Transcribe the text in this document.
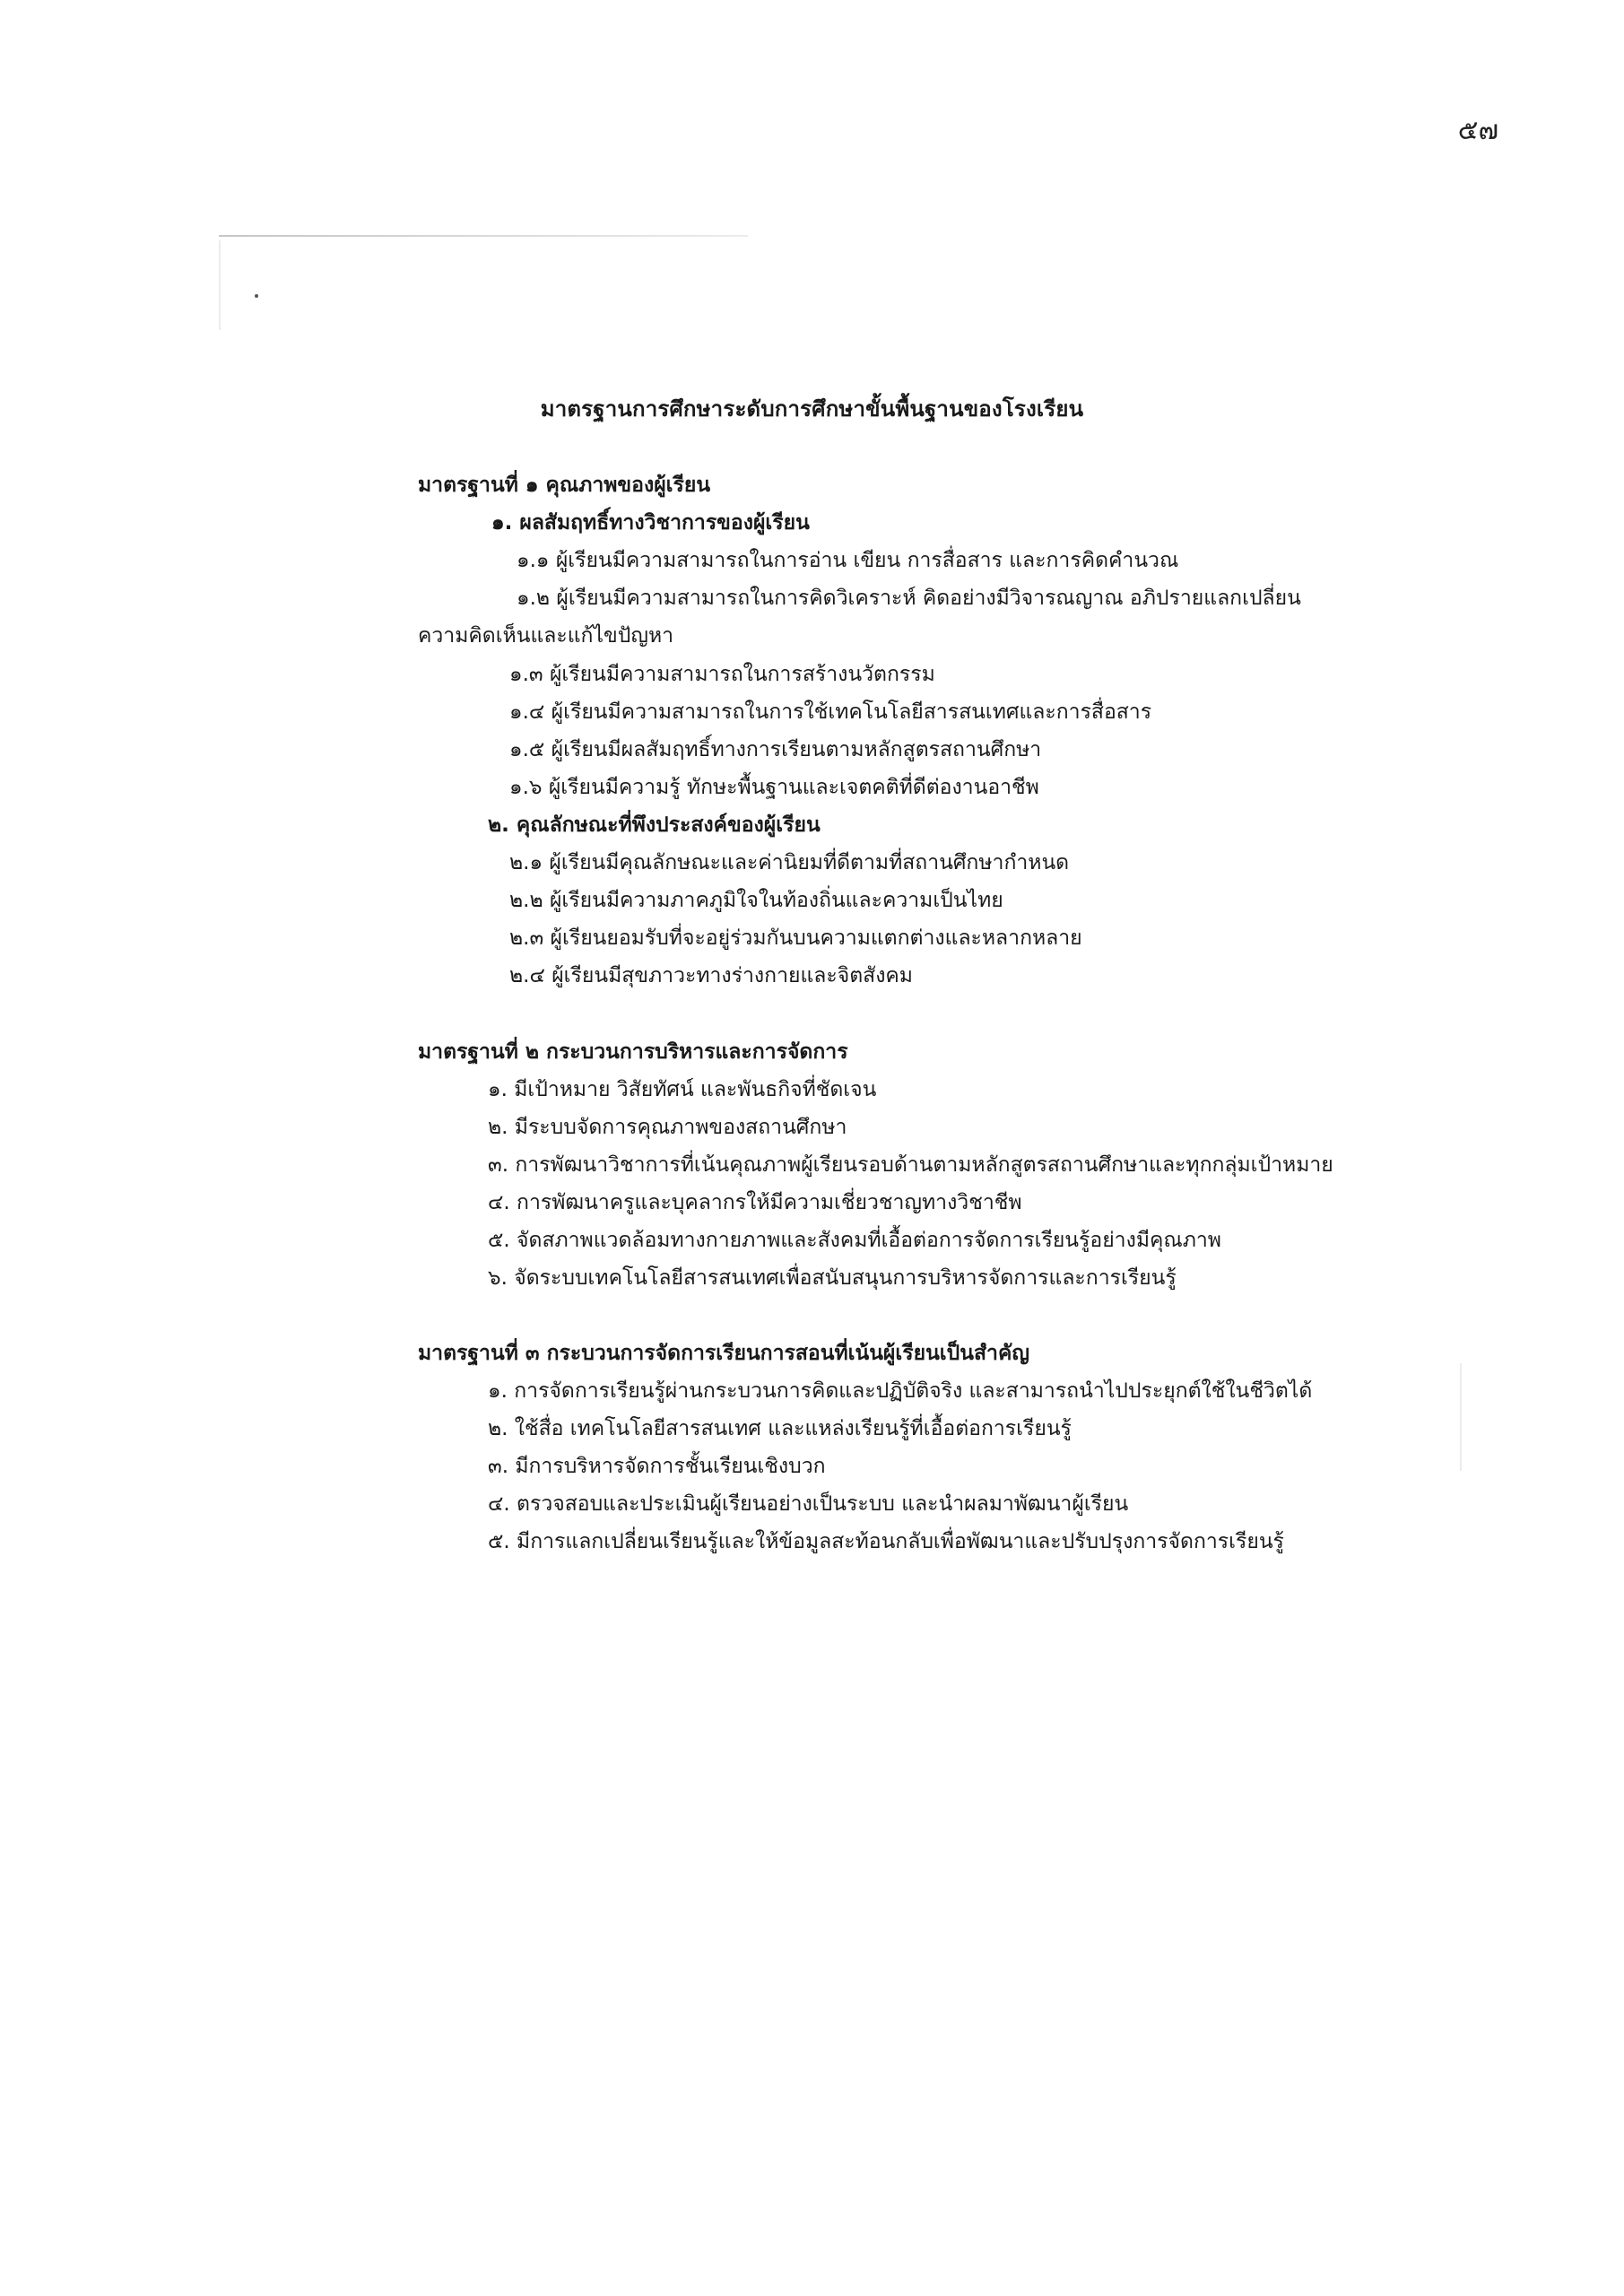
๕๗
มาตรฐานการศึกษาระดับการศึกษาขั้นพื้นฐานของโรงเรียน
มาตรฐานที่ ๑ คุณภาพของผู้เรียน
๑. ผลสัมฤทธิ์ทางวิชาการของผู้เรียน
๑.๑ ผู้เรียนมีความสามารถในการอ่าน เขียน การสื่อสาร และการคิดคำนวณ
๑.๒ ผู้เรียนมีความสามารถในการคิดวิเคราะห์ คิดอย่างมีวิจารณญาณ อภิปรายแลกเปลี่ยน
ความคิดเห็นและแก้ไขปัญหา
๑.๓ ผู้เรียนมีความสามารถในการสร้างนวัตกรรม
๑.๔ ผู้เรียนมีความสามารถในการใช้เทคโนโลยีสารสนเทศและการสื่อสาร
๑.๕ ผู้เรียนมีผลสัมฤทธิ์ทางการเรียนตามหลักสูตรสถานศึกษา
๑.๖ ผู้เรียนมีความรู้ ทักษะพื้นฐานและเจตคติที่ดีต่องานอาชีพ
๒. คุณลักษณะที่พึงประสงค์ของผู้เรียน
๒.๑ ผู้เรียนมีคุณลักษณะและค่านิยมที่ดีตามที่สถานศึกษากำหนด
๒.๒ ผู้เรียนมีความภาคภูมิใจในท้องถิ่นและความเป็นไทย
๒.๓ ผู้เรียนยอมรับที่จะอยู่ร่วมกันบนความแตกต่างและหลากหลาย
๒.๔ ผู้เรียนมีสุขภาวะทางร่างกายและจิตสังคม
มาตรฐานที่ ๒ กระบวนการบริหารและการจัดการ
๑. มีเป้าหมาย วิสัยทัศน์ และพันธกิจที่ชัดเจน
๒. มีระบบจัดการคุณภาพของสถานศึกษา
๓. การพัฒนาวิชาการที่เน้นคุณภาพผู้เรียนรอบด้านตามหลักสูตรสถานศึกษาและทุกกลุ่มเป้าหมาย
๔. การพัฒนาครูและบุคลากรให้มีความเชี่ยวชาญทางวิชาชีพ
๕. จัดสภาพแวดล้อมทางกายภาพและสังคมที่เอื้อต่อการจัดการเรียนรู้อย่างมีคุณภาพ
๖. จัดระบบเทคโนโลยีสารสนเทศเพื่อสนับสนุนการบริหารจัดการและการเรียนรู้
มาตรฐานที่ ๓ กระบวนการจัดการเรียนการสอนที่เน้นผู้เรียนเป็นสำคัญ
๑. การจัดการเรียนรู้ผ่านกระบวนการคิดและปฏิบัติจริง และสามารถนำไปประยุกต์ใช้ในชีวิตได้
๒. ใช้สื่อ เทคโนโลยีสารสนเทศ และแหล่งเรียนรู้ที่เอื้อต่อการเรียนรู้
๓. มีการบริหารจัดการชั้นเรียนเชิงบวก
๔. ตรวจสอบและประเมินผู้เรียนอย่างเป็นระบบ และนำผลมาพัฒนาผู้เรียน
๕. มีการแลกเปลี่ยนเรียนรู้และให้ข้อมูลสะท้อนกลับเพื่อพัฒนาและปรับปรุงการจัดการเรียนรู้
